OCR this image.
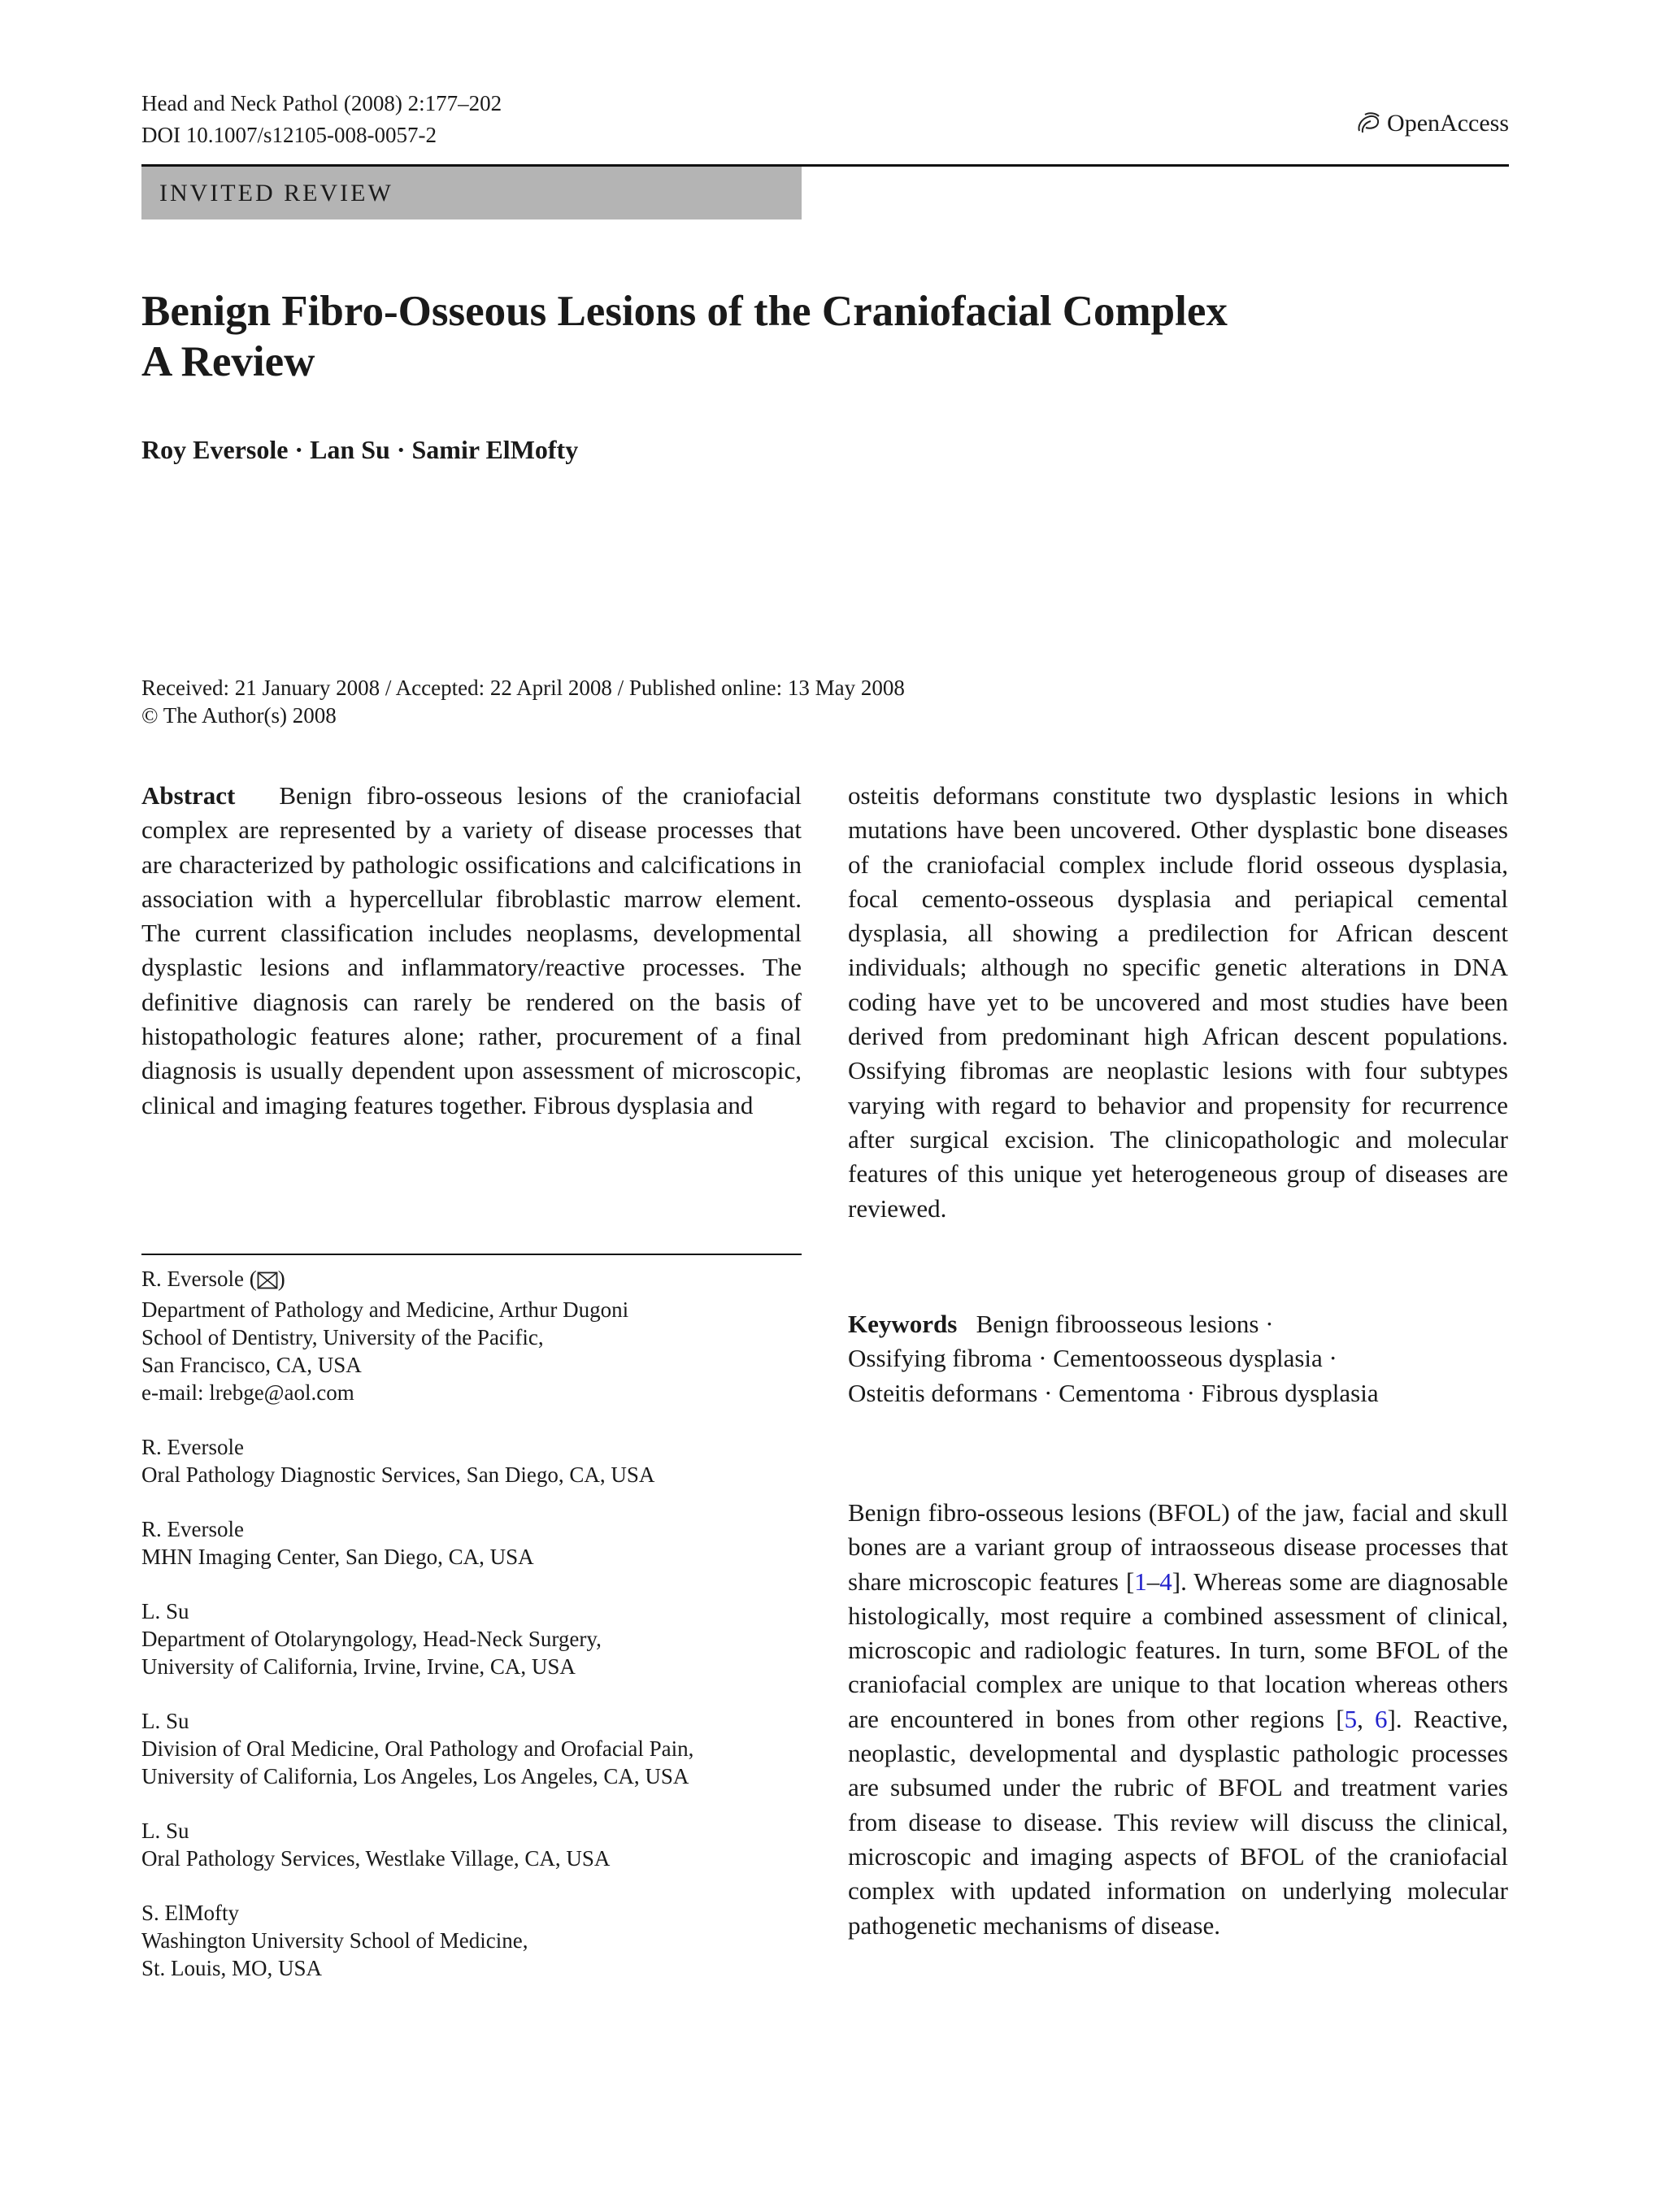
Head and Neck Pathol (2008) 2:177–202
DOI 10.1007/s12105-008-0057-2	OpenAccess
INVITED REVIEW
Benign Fibro-Osseous Lesions of the Craniofacial Complex
A Review
Roy Eversole · Lan Su · Samir ElMofty
Received: 21 January 2008 / Accepted: 22 April 2008 / Published online: 13 May 2008
© The Author(s) 2008

Abstract Benign fibro-osseous lesions of the craniofacial complex are represented by a variety of disease processes that are characterized by pathologic ossifications and calcifications in association with a hypercellular fibroblastic marrow element. The current classification includes neoplasms, developmental dysplastic lesions and inflammatory/reactive processes. The definitive diagnosis can rarely be rendered on the basis of histopathologic features alone; rather, procurement of a final diagnosis is usually dependent upon assessment of microscopic, clinical and imaging features together. Fibrous dysplasia and

osteitis deformans constitute two dysplastic lesions in which mutations have been uncovered. Other dysplastic bone diseases of the craniofacial complex include florid osseous dysplasia, focal cemento-osseous dysplasia and periapical cemental dysplasia, all showing a predilection for African descent individuals; although no specific genetic alterations in DNA coding have yet to be uncovered and most studies have been derived from predominant high African descent populations. Ossifying fibromas are neoplastic lesions with four subtypes varying with regard to behavior and propensity for recurrence after surgical excision. The clinicopathologic and molecular features of this unique yet heterogeneous group of diseases are reviewed.

Keywords Benign fibroosseous lesions ·
Ossifying fibroma · Cementoosseous dysplasia ·
Osteitis deformans · Cementoma · Fibrous dysplasia

Benign fibro-osseous lesions (BFOL) of the jaw, facial and skull bones are a variant group of intraosseous disease processes that share microscopic features [1–4]. Whereas some are diagnosable histologically, most require a combined assessment of clinical, microscopic and radiologic features. In turn, some BFOL of the craniofacial complex are unique to that location whereas others are encountered in bones from other regions [5, 6]. Reactive, neoplastic, developmental and dysplastic pathologic processes are subsumed under the rubric of BFOL and treatment varies from disease to disease. This review will discuss the clinical, microscopic and imaging aspects of BFOL of the craniofacial complex with updated information on underlying molecular pathogenetic mechanisms of disease.

R. Eversole ( )
Department of Pathology and Medicine, Arthur Dugoni
School of Dentistry, University of the Pacific,
San Francisco, CA, USA
e-mail: lrebge@aol.com
R. Eversole
Oral Pathology Diagnostic Services, San Diego, CA, USA
R. Eversole
MHN Imaging Center, San Diego, CA, USA
L. Su
Department of Otolaryngology, Head-Neck Surgery,
University of California, Irvine, Irvine, CA, USA
L. Su
Division of Oral Medicine, Oral Pathology and Orofacial Pain,
University of California, Los Angeles, Los Angeles, CA, USA
L. Su
Oral Pathology Services, Westlake Village, CA, USA
S. ElMofty
Washington University School of Medicine,
St. Louis, MO, USA
